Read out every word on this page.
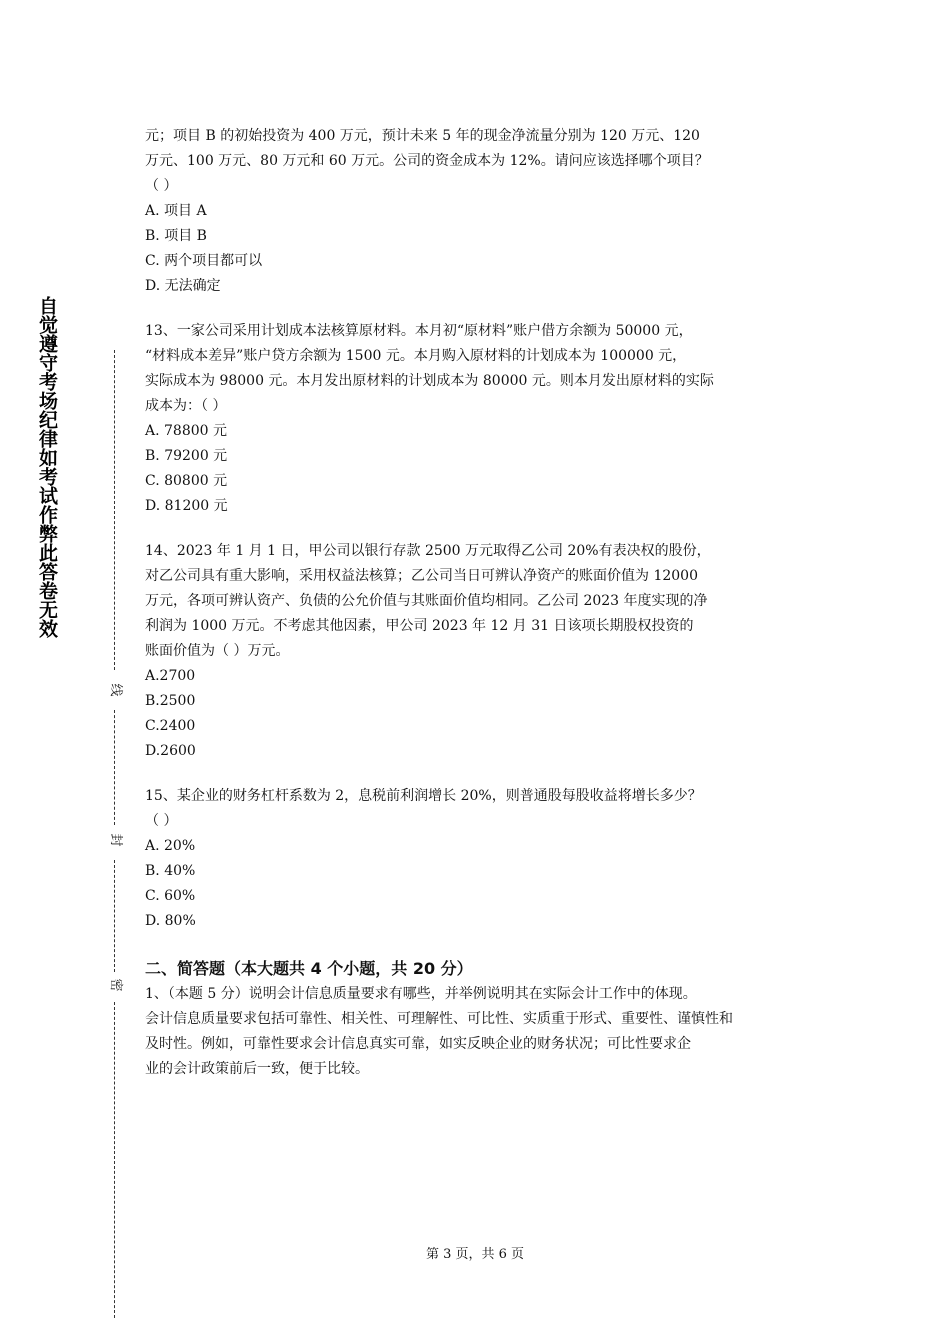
自觉遵守考场纪律如考试作弊此答卷无效
线
封
密

元；项目 B 的初始投资为 400 万元，预计未来 5 年的现金净流量分别为 120 万元、120

万元、100 万元、80 万元和 60 万元。公司的资金成本为 12%。请问应该选择哪个项目？

（ ）

A. 项目 A

B. 项目 B

C. 两个项目都可以

D. 无法确定

13、一家公司采用计划成本法核算原材料。本月初“原材料”账户借方余额为 50000 元，

“材料成本差异”账户贷方余额为 1500 元。本月购入原材料的计划成本为 100000 元，

实际成本为 98000 元。本月发出原材料的计划成本为 80000 元。则本月发出原材料的实际

成本为：（ ）

A. 78800 元

B. 79200 元

C. 80800 元

D. 81200 元

14、2023 年 1 月 1 日，甲公司以银行存款 2500 万元取得乙公司 20%有表决权的股份，

对乙公司具有重大影响，采用权益法核算；乙公司当日可辨认净资产的账面价值为 12000

万元，各项可辨认资产、负债的公允价值与其账面价值均相同。乙公司 2023 年度实现的净

利润为 1000 万元。不考虑其他因素，甲公司 2023 年 12 月 31 日该项长期股权投资的

账面价值为（ ）万元。

A.2700

B.2500

C.2400

D.2600

15、某企业的财务杠杆系数为 2，息税前利润增长 20%，则普通股每股收益将增长多少？

（ ）

A. 20%

B. 40%

C. 60%

D. 80%

二、简答题（本大题共 4 个小题，共 20 分）

1、（本题 5 分）说明会计信息质量要求有哪些，并举例说明其在实际会计工作中的体现。

会计信息质量要求包括可靠性、相关性、可理解性、可比性、实质重于形式、重要性、谨慎性和

及时性。例如，可靠性要求会计信息真实可靠，如实反映企业的财务状况；可比性要求企

业的会计政策前后一致，便于比较。

第 3 页，共 6 页
